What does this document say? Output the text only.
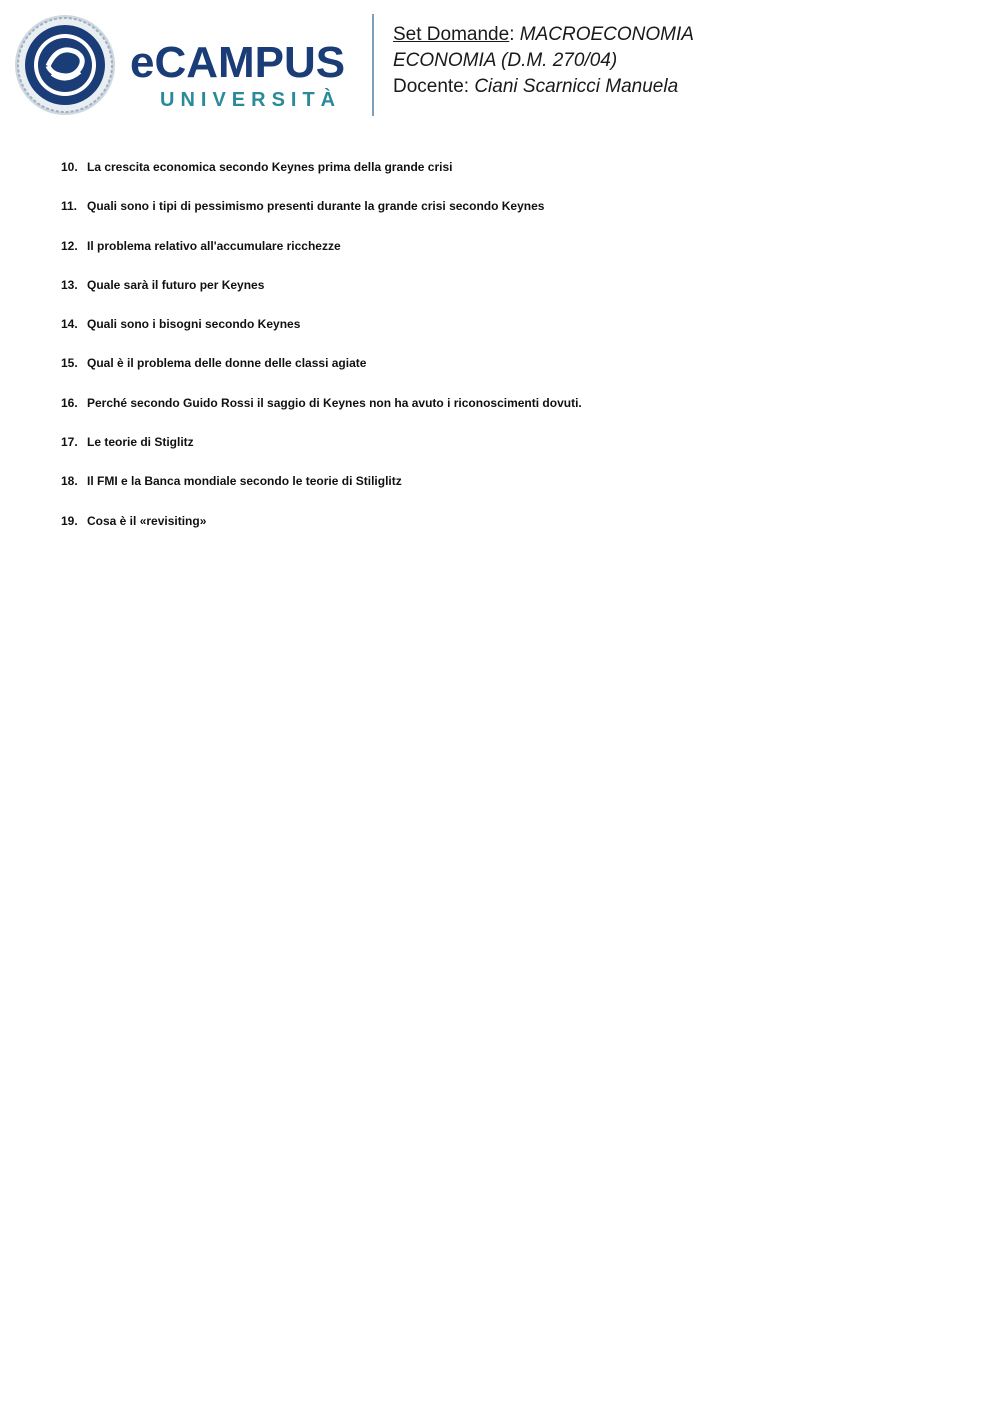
eCAMPUS
UNIVERSITÀ
Set Domande: MACROECONOMIA
ECONOMIA (D.M. 270/04)
Docente: Ciani Scarnicci Manuela
10. La crescita economica secondo Keynes prima della grande crisi
11. Quali sono i tipi di pessimismo presenti durante la grande crisi secondo Keynes
12. Il problema relativo all'accumulare ricchezze
13. Quale sarà il futuro per Keynes
14. Quali sono i bisogni secondo Keynes
15. Qual è il problema delle donne delle classi agiate
16. Perché secondo Guido Rossi il saggio di Keynes non ha avuto i riconoscimenti dovuti.
17. Le teorie di Stiglitz
18. Il FMI e la Banca mondiale secondo le teorie di Stiliglitz
19. Cosa è il «revisiting»
